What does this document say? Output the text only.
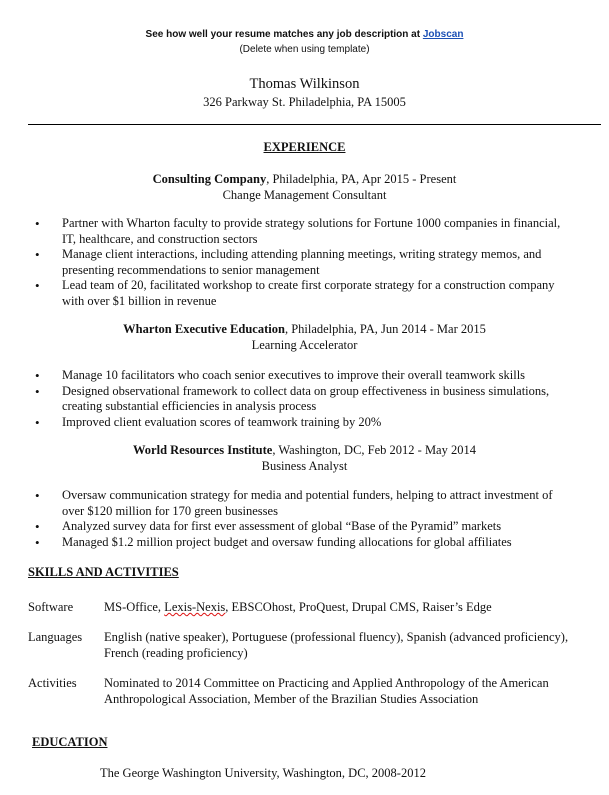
See how well your resume matches any job description at Jobscan
(Delete when using template)
Thomas Wilkinson
326 Parkway St. Philadelphia, PA 15005
EXPERIENCE
Consulting Company, Philadelphia, PA, Apr 2015 - Present
Change Management Consultant
• Partner with Wharton faculty to provide strategy solutions for Fortune 1000 companies in financial, IT, healthcare, and construction sectors
• Manage client interactions, including attending planning meetings, writing strategy memos, and presenting recommendations to senior management
• Lead team of 20, facilitated workshop to create first corporate strategy for a construction company with over $1 billion in revenue
Wharton Executive Education, Philadelphia, PA, Jun 2014 - Mar 2015
Learning Accelerator
• Manage 10 facilitators who coach senior executives to improve their overall teamwork skills
• Designed observational framework to collect data on group effectiveness in business simulations, creating substantial efficiencies in analysis process
• Improved client evaluation scores of teamwork training by 20%
World Resources Institute, Washington, DC, Feb 2012 - May 2014
Business Analyst
• Oversaw communication strategy for media and potential funders, helping to attract investment of over $120 million for 170 green businesses
• Analyzed survey data for first ever assessment of global “Base of the Pyramid” markets
• Managed $1.2 million project budget and oversaw funding allocations for global affiliates
SKILLS AND ACTIVITIES
Software	MS-Office, Lexis-Nexis, EBSCOhost, ProQuest, Drupal CMS, Raiser’s Edge
Languages	English (native speaker), Portuguese (professional fluency), Spanish (advanced proficiency), French (reading proficiency)
Activities	Nominated to 2014 Committee on Practicing and Applied Anthropology of the American Anthropological Association, Member of the Brazilian Studies Association
EDUCATION
The George Washington University, Washington, DC, 2008-2012
